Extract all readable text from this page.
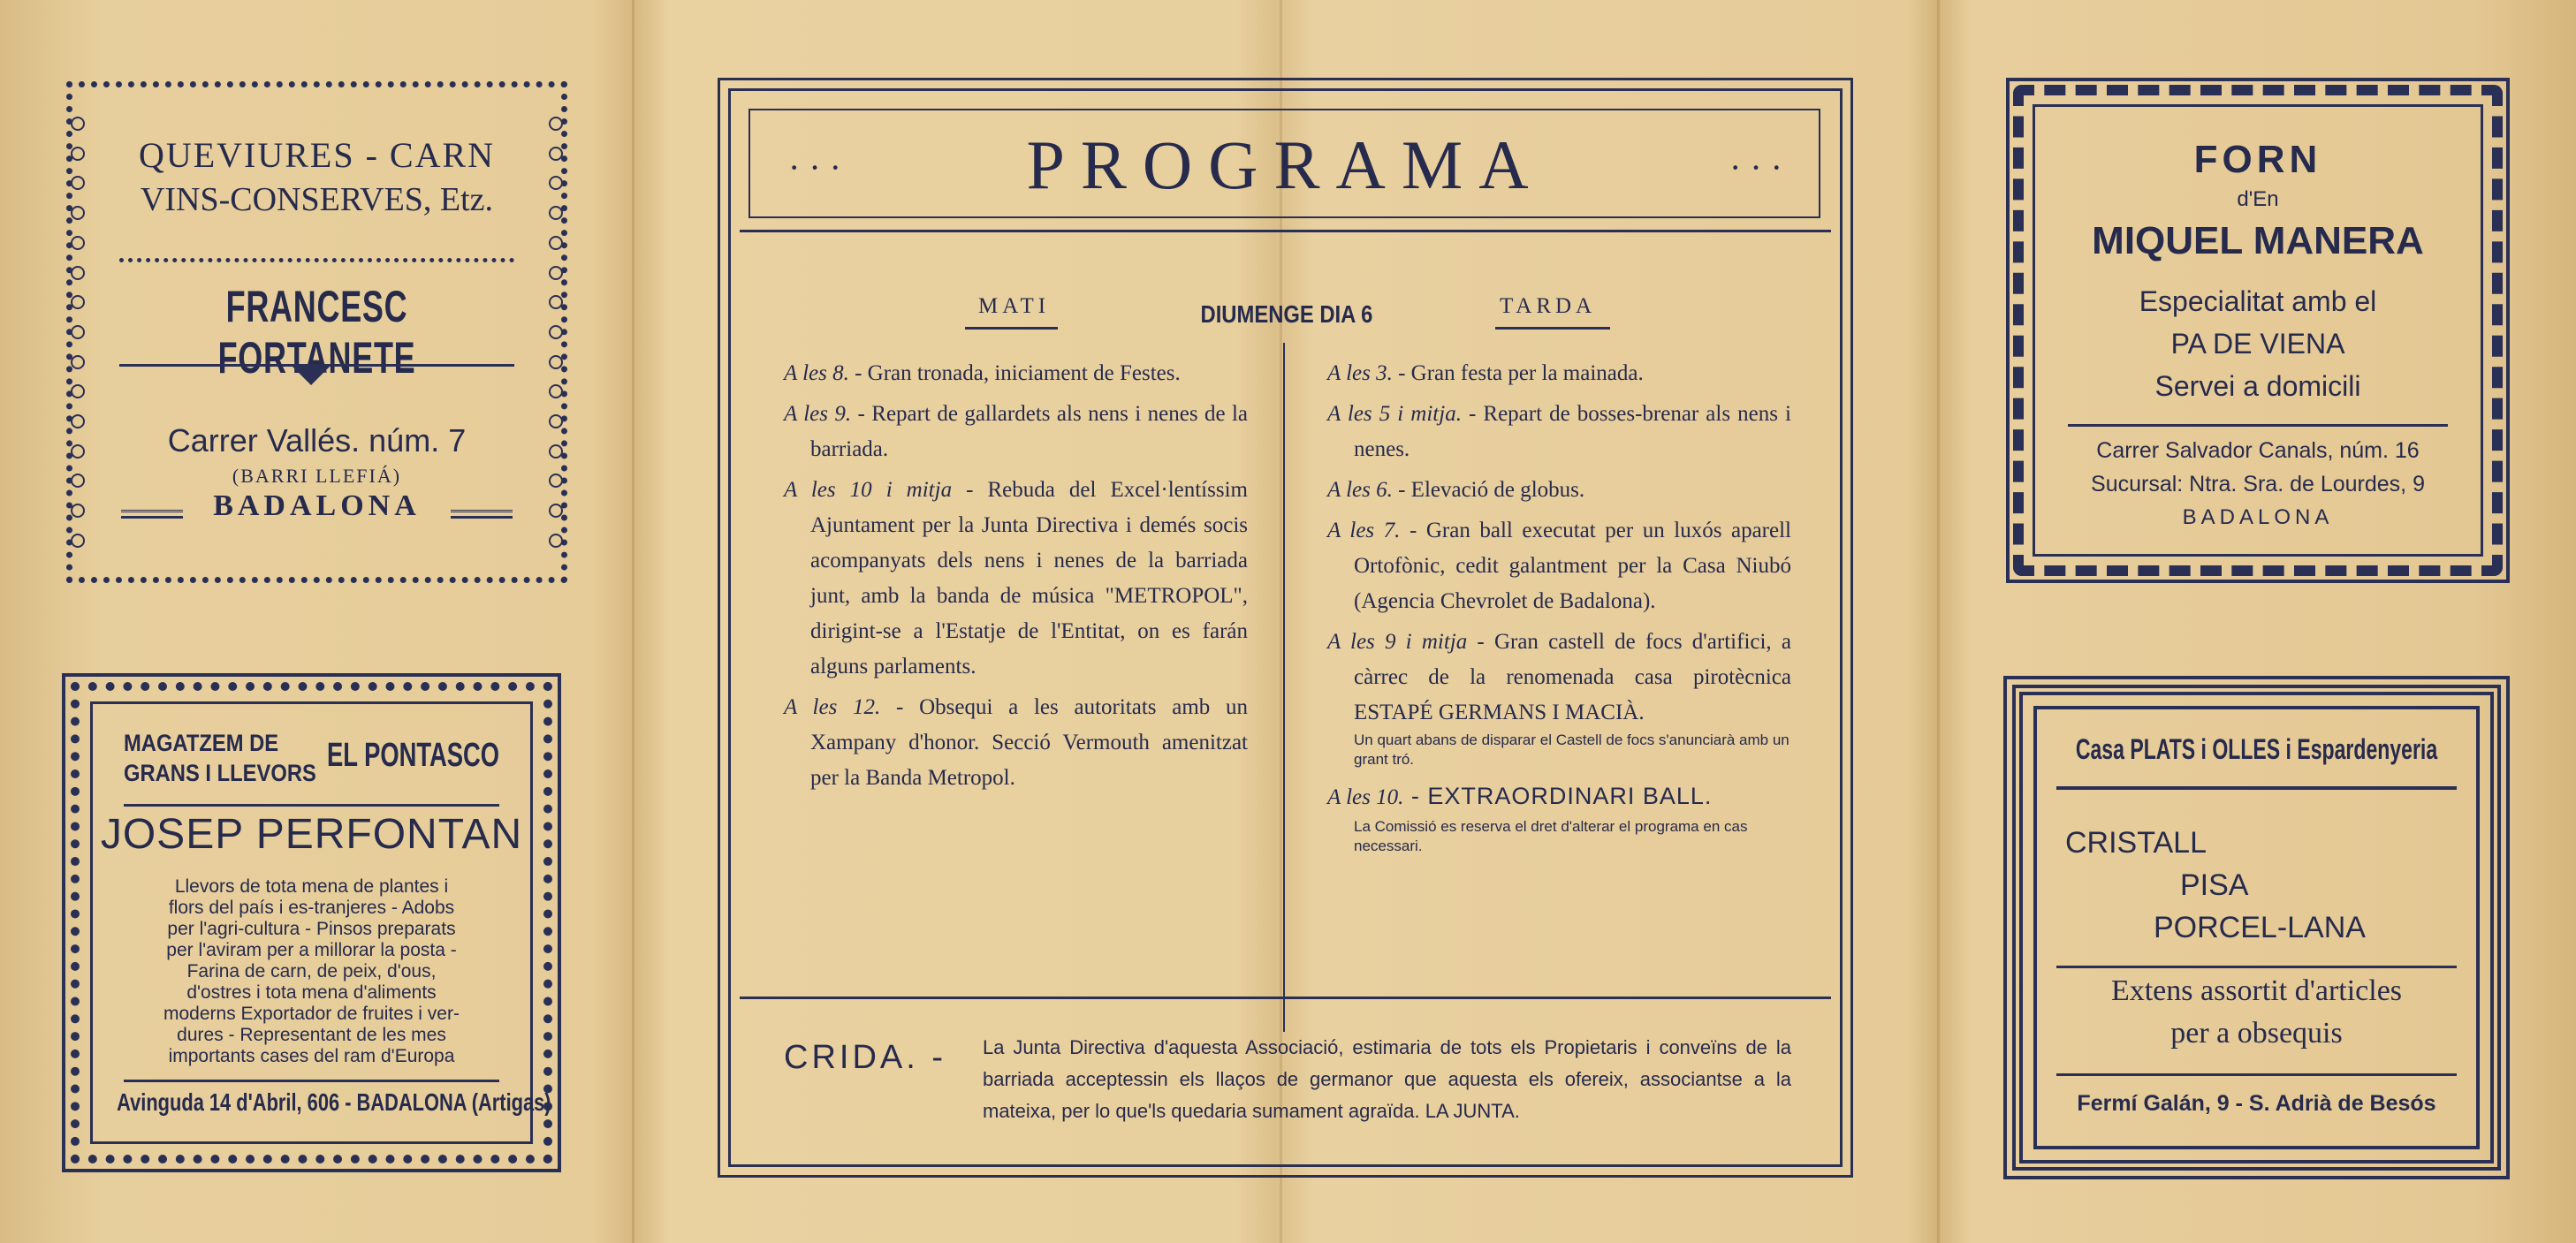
QUEVIURES - CARN
VINS-CONSERVES, Etz.
FRANCESC FORTANETE
Carrer Vallés. núm. 7
(BARRI LLEFIÁ)
BADALONA
MAGATZEM DE
GRANS I LLEVORS EL PONTASCO
JOSEP PERFONTAN
Llevors de tota mena de plantes i flors del país i es-tranjeres - Adobs per l'agri-cultura - Pinsos preparats per l'aviram per a millorar la posta - Farina de carn, de peix, d'ous, d'ostres i tota mena d'aliments moderns Exportador de fruites i ver-dures - Representant de les mes importants cases del ram d'Europa
Avinguda 14 d'Abril, 606 - BADALONA (Artigas)
· · ·	· · ·
PROGRAMA
MATI	DIUMENGE DIA 6	TARDA

A les 8. - Gran tronada, iniciament de Festes.

A les 9. - Repart de gallardets als nens i nenes de la barriada.

A les 10 i mitja - Rebuda del Excel·lentíssim Ajuntament per la Junta Directiva i demés socis acompanyats dels nens i nenes de la barriada junt, amb la banda de música "METROPOL", dirigint-se a l'Estatje de l'Entitat, on es farán alguns parlaments.

A les 12. - Obsequi a les autoritats amb un Xampany d'honor. Secció Vermouth amenitzat per la Banda Metropol.

A les 3. - Gran festa per la mainada.

A les 5 i mitja. - Repart de bosses-brenar als nens i nenes.

A les 6. - Elevació de globus.

A les 7. - Gran ball executat per un luxós aparell Ortofònic, cedit galantment per la Casa Niubó (Agencia Chevrolet de Badalona).

A les 9 i mitja - Gran castell de focs d'artifici, a càrrec de la renomenada casa pirotècnica ESTAPÉ GERMANS I MACIÀ.

Un quart abans de disparar el Castell de focs s'anunciarà amb un grant tró.

A les 10. - EXTRAORDINARI BALL.

La Comissió es reserva el dret d'alterar el programa en cas necessari.
CRIDA. - La Junta Directiva d'aquesta Associació, estimaria de tots els Propietaris i conveïns de la barriada acceptessin els llaços de germanor que aquesta els ofereix, associantse a la mateixa, per lo que'ls quedaria sumament agraïda. LA JUNTA.
FORN
d'En
MIQUEL MANERA
Especialitat amb el
PA DE VIENA
Servei a domicili
Carrer Salvador Canals, núm. 16
Sucursal: Ntra. Sra. de Lourdes, 9
BADALONA
Casa PLATS i OLLES i Espardenyeria
CRISTALL
PISA
PORCEL-LANA
Extens assortit d'articles
per a obsequis
Fermí Galán, 9 - S. Adrià de Besós
